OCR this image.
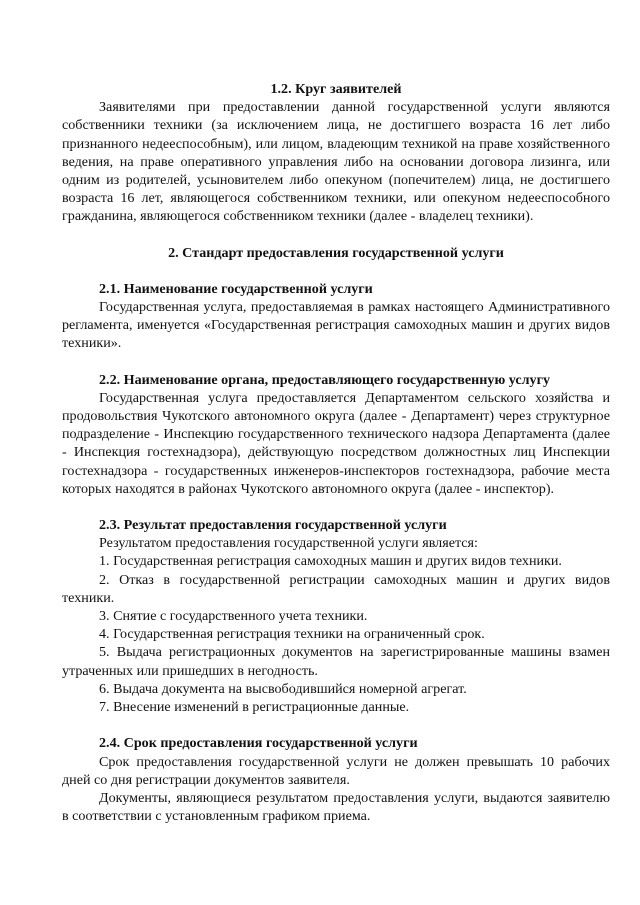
1.2. Круг заявителей

Заявителями при предоставлении данной государственной услуги являются собственники техники (за исключением лица, не достигшего возраста 16 лет либо признанного недееспособным), или лицом, владеющим техникой на праве хозяйственного ведения, на праве оперативного управления либо на основании договора лизинга, или одним из родителей, усыновителем либо опекуном (попечителем) лица, не достигшего возраста 16 лет, являющегося собственником техники, или опекуном недееспособного гражданина, являющегося собственником техники (далее - владелец техники).

2. Стандарт предоставления государственной услуги

2.1. Наименование государственной услуги

Государственная услуга, предоставляемая в рамках настоящего Административного регламента, именуется «Государственная регистрация самоходных машин и других видов техники».

2.2. Наименование органа, предоставляющего государственную услугу

Государственная услуга предоставляется Департаментом сельского хозяйства и продовольствия Чукотского автономного округа (далее - Департамент) через структурное подразделение - Инспекцию государственного технического надзора Департамента (далее - Инспекция гостехнадзора), действующую посредством должностных лиц Инспекции гостехнадзора - государственных инженеров-инспекторов гостехнадзора, рабочие места которых находятся в районах Чукотского автономного округа (далее - инспектор).

2.3. Результат предоставления государственной услуги

Результатом предоставления государственной услуги является:

1. Государственная регистрация самоходных машин и других видов техники.

2. Отказ в государственной регистрации самоходных машин и других видов техники.

3. Снятие с государственного учета техники.

4. Государственная регистрация техники на ограниченный срок.

5. Выдача регистрационных документов на зарегистрированные машины взамен утраченных или пришедших в негодность.

6. Выдача документа на высвободившийся номерной агрегат.

7. Внесение изменений в регистрационные данные.

2.4. Срок предоставления государственной услуги

Срок предоставления государственной услуги не должен превышать 10 рабочих дней со дня регистрации документов заявителя.

Документы, являющиеся результатом предоставления услуги, выдаются заявителю в соответствии с установленным графиком приема.
